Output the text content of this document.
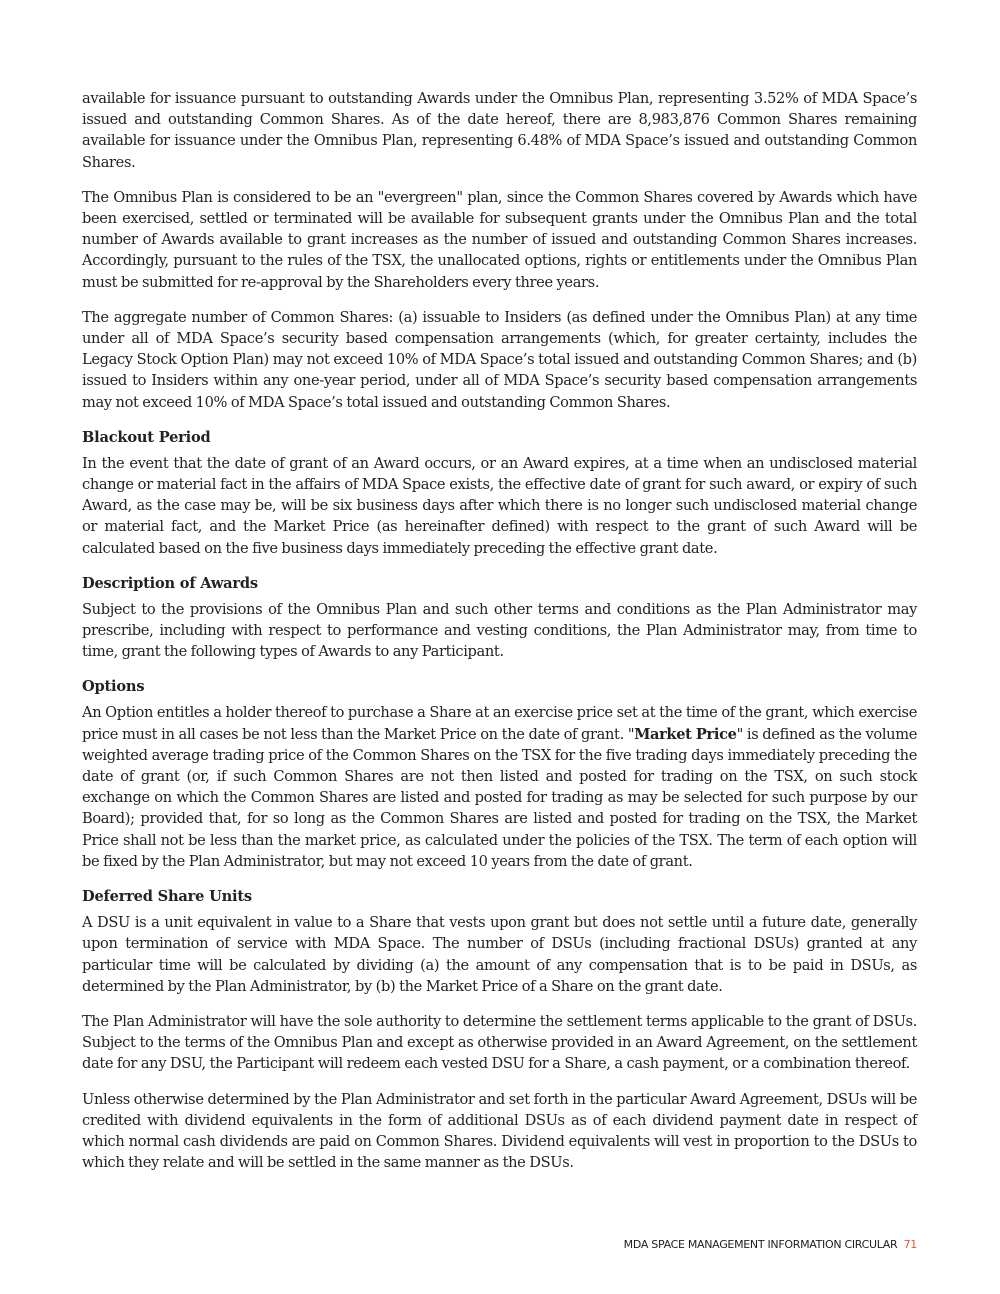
available for issuance pursuant to outstanding Awards under the Omnibus Plan, representing 3.52% of MDA Space’s issued and outstanding Common Shares. As of the date hereof, there are 8,983,876 Common Shares remaining available for issuance under the Omnibus Plan, representing 6.48% of MDA Space’s issued and outstanding Common Shares.

The Omnibus Plan is considered to be an "evergreen" plan, since the Common Shares covered by Awards which have been exercised, settled or terminated will be available for subsequent grants under the Omnibus Plan and the total number of Awards available to grant increases as the number of issued and outstanding Common Shares increases. Accordingly, pursuant to the rules of the TSX, the unallocated options, rights or entitlements under the Omnibus Plan must be submitted for re-approval by the Shareholders every three years.

The aggregate number of Common Shares: (a) issuable to Insiders (as defined under the Omnibus Plan) at any time under all of MDA Space’s security based compensation arrangements (which, for greater certainty, includes the Legacy Stock Option Plan) may not exceed 10% of MDA Space’s total issued and outstanding Common Shares; and (b) issued to Insiders within any one-year period, under all of MDA Space’s security based compensation arrangements may not exceed 10% of MDA Space’s total issued and outstanding Common Shares.

Blackout Period

In the event that the date of grant of an Award occurs, or an Award expires, at a time when an undisclosed material change or material fact in the affairs of MDA Space exists, the effective date of grant for such award, or expiry of such Award, as the case may be, will be six business days after which there is no longer such undisclosed material change or material fact, and the Market Price (as hereinafter defined) with respect to the grant of such Award will be calculated based on the five business days immediately preceding the effective grant date.

Description of Awards

Subject to the provisions of the Omnibus Plan and such other terms and conditions as the Plan Administrator may prescribe, including with respect to performance and vesting conditions, the Plan Administrator may, from time to time, grant the following types of Awards to any Participant.

Options

An Option entitles a holder thereof to purchase a Share at an exercise price set at the time of the grant, which exercise price must in all cases be not less than the Market Price on the date of grant. "Market Price" is defined as the volume weighted average trading price of the Common Shares on the TSX for the five trading days immediately preceding the date of grant (or, if such Common Shares are not then listed and posted for trading on the TSX, on such stock exchange on which the Common Shares are listed and posted for trading as may be selected for such purpose by our Board); provided that, for so long as the Common Shares are listed and posted for trading on the TSX, the Market Price shall not be less than the market price, as calculated under the policies of the TSX. The term of each option will be fixed by the Plan Administrator, but may not exceed 10 years from the date of grant.

Deferred Share Units

A DSU is a unit equivalent in value to a Share that vests upon grant but does not settle until a future date, generally upon termination of service with MDA Space. The number of DSUs (including fractional DSUs) granted at any particular time will be calculated by dividing (a) the amount of any compensation that is to be paid in DSUs, as determined by the Plan Administrator, by (b) the Market Price of a Share on the grant date.

The Plan Administrator will have the sole authority to determine the settlement terms applicable to the grant of DSUs. Subject to the terms of the Omnibus Plan and except as otherwise provided in an Award Agreement, on the settlement date for any DSU, the Participant will redeem each vested DSU for a Share, a cash payment, or a combination thereof.

Unless otherwise determined by the Plan Administrator and set forth in the particular Award Agreement, DSUs will be credited with dividend equivalents in the form of additional DSUs as of each dividend payment date in respect of which normal cash dividends are paid on Common Shares. Dividend equivalents will vest in proportion to the DSUs to which they relate and will be settled in the same manner as the DSUs.

MDA SPACE MANAGEMENT INFORMATION CIRCULAR 71
